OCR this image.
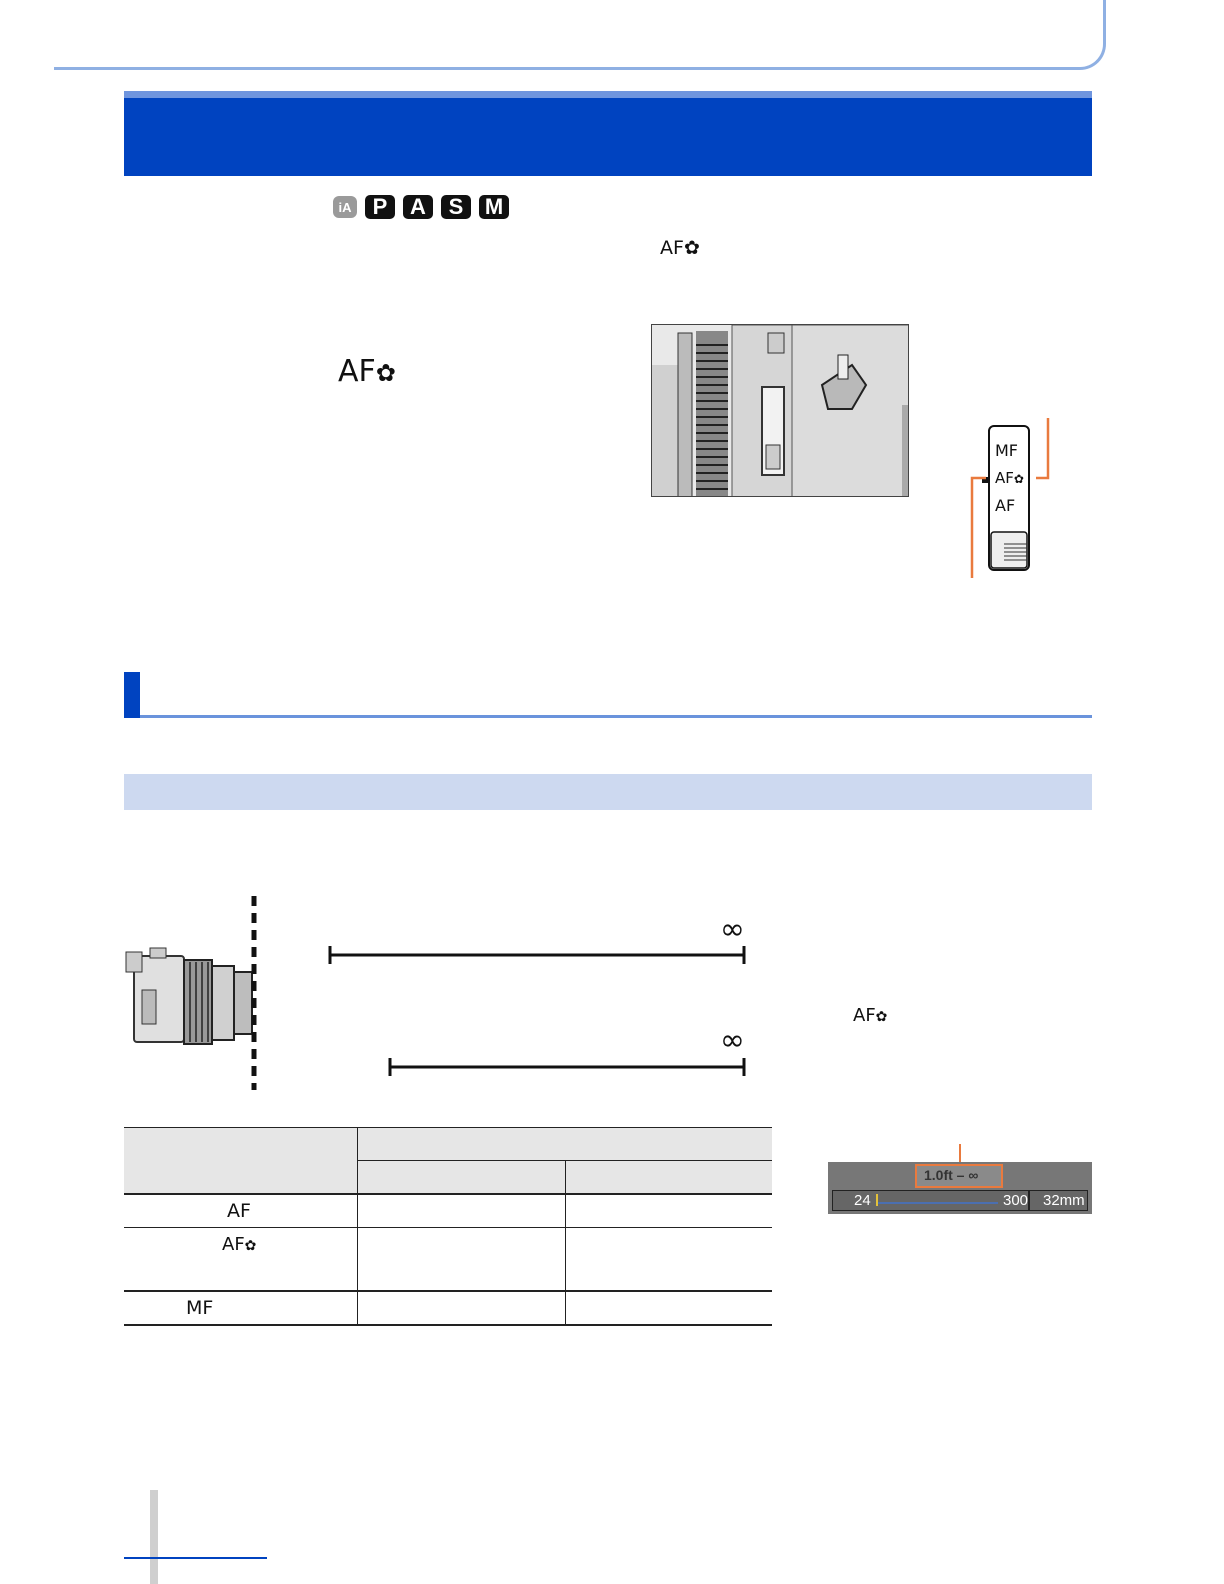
iA P	A	S M
AF✿
AF✿
MF
AF✿
AF
∞
∞
AF✿

AF		
AF✿		
MF		
1.0ft – ∞
24	300 32mm
